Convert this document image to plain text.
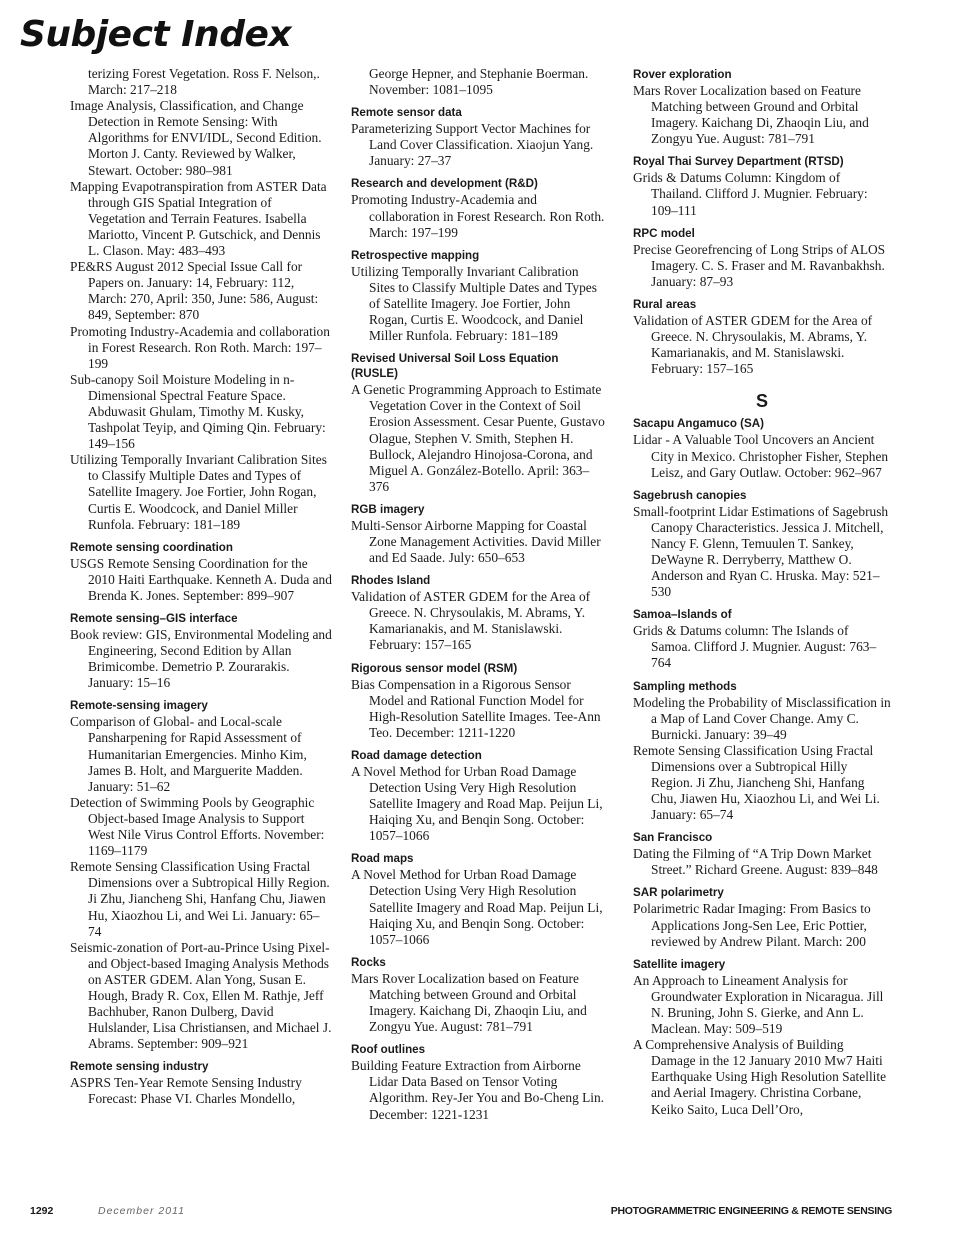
Subject Index

terizing Forest Vegetation. Ross F. Nelson,. March: 217–218

Image Analysis, Classification, and Change Detection in Remote Sensing: With Algorithms for ENVI/IDL, Second Edition. Morton J. Canty. Reviewed by Walker, Stewart. October: 980–981

Mapping Evapotranspiration from ASTER Data through GIS Spatial Integration of Vegetation and Terrain Features. Isabella Mariotto, Vincent P. Gutschick, and Dennis L. Clason. May: 483–493

PE&RS August 2012 Special Issue Call for Papers on. January: 14, February: 112, March: 270, April: 350, June: 586, August: 849, September: 870

Promoting Industry-Academia and collaboration in Forest Research. Ron Roth. March: 197–199

Sub-canopy Soil Moisture Modeling in n-Dimensional Spectral Feature Space. Abduwasit Ghulam, Timothy M. Kusky, Tashpolat Teyip, and Qiming Qin. February: 149–156

Utilizing Temporally Invariant Calibration Sites to Classify Multiple Dates and Types of Satellite Imagery. Joe Fortier, John Rogan, Curtis E. Woodcock, and Daniel Miller Runfola. February: 181–189

Remote sensing coordination

USGS Remote Sensing Coordination for the 2010 Haiti Earthquake. Kenneth A. Duda and Brenda K. Jones. September: 899–907

Remote sensing–GIS interface

Book review: GIS, Environmental Modeling and Engineering, Second Edition by Allan Brimicombe. Demetrio P. Zourarakis. January: 15–16

Remote-sensing imagery

Comparison of Global- and Local-scale Pansharpening for Rapid Assessment of Humanitarian Emergencies. Minho Kim, James B. Holt, and Marguerite Madden. January: 51–62

Detection of Swimming Pools by Geographic Object-based Image Analysis to Support West Nile Virus Control Efforts. November: 1169–1179

Remote Sensing Classification Using Fractal Dimensions over a Subtropical Hilly Region. Ji Zhu, Jiancheng Shi, Hanfang Chu, Jiawen Hu, Xiaozhou Li, and Wei Li. January: 65–74

Seismic-zonation of Port-au-Prince Using Pixel- and Object-based Imaging Analysis Methods on ASTER GDEM. Alan Yong, Susan E. Hough, Brady R. Cox, Ellen M. Rathje, Jeff Bachhuber, Ranon Dulberg, David Hulslander, Lisa Christiansen, and Michael J. Abrams. September: 909–921

Remote sensing industry

ASPRS Ten-Year Remote Sensing Industry Forecast: Phase VI. Charles Mondello,

George Hepner, and Stephanie Boerman. November: 1081–1095

Remote sensor data

Parameterizing Support Vector Machines for Land Cover Classification. Xiaojun Yang. January: 27–37

Research and development (R&D)

Promoting Industry-Academia and collaboration in Forest Research. Ron Roth. March: 197–199

Retrospective mapping

Utilizing Temporally Invariant Calibration Sites to Classify Multiple Dates and Types of Satellite Imagery. Joe Fortier, John Rogan, Curtis E. Woodcock, and Daniel Miller Runfola. February: 181–189

Revised Universal Soil Loss Equation (RUSLE)

A Genetic Programming Approach to Estimate Vegetation Cover in the Context of Soil Erosion Assessment. Cesar Puente, Gustavo Olague, Stephen V. Smith, Stephen H. Bullock, Alejandro Hinojosa-Corona, and Miguel A. González-Botello. April: 363–376

RGB imagery

Multi-Sensor Airborne Mapping for Coastal Zone Management Activities. David Miller and Ed Saade. July: 650–653

Rhodes Island

Validation of ASTER GDEM for the Area of Greece. N. Chrysoulakis, M. Abrams, Y. Kamarianakis, and M. Stanislawski. February: 157–165

Rigorous sensor model (RSM)

Bias Compensation in a Rigorous Sensor Model and Rational Function Model for High-Resolution Satellite Images. Tee-Ann Teo. December: 1211-1220

Road damage detection

A Novel Method for Urban Road Damage Detection Using Very High Resolution Satellite Imagery and Road Map. Peijun Li, Haiqing Xu, and Benqin Song. October: 1057–1066

Road maps

A Novel Method for Urban Road Damage Detection Using Very High Resolution Satellite Imagery and Road Map. Peijun Li, Haiqing Xu, and Benqin Song. October: 1057–1066

Rocks

Mars Rover Localization based on Feature Matching between Ground and Orbital Imagery. Kaichang Di, Zhaoqin Liu, and Zongyu Yue. August: 781–791

Roof outlines

Building Feature Extraction from Airborne Lidar Data Based on Tensor Voting Algorithm. Rey-Jer You and Bo-Cheng Lin. December: 1221-1231

Rover exploration

Mars Rover Localization based on Feature Matching between Ground and Orbital Imagery. Kaichang Di, Zhaoqin Liu, and Zongyu Yue. August: 781–791

Royal Thai Survey Department (RTSD)

Grids & Datums Column: Kingdom of Thailand. Clifford J. Mugnier. February: 109–111

RPC model

Precise Georefrencing of Long Strips of ALOS Imagery. C. S. Fraser and M. Ravanbakhsh. January: 87–93

Rural areas

Validation of ASTER GDEM for the Area of Greece. N. Chrysoulakis, M. Abrams, Y. Kamarianakis, and M. Stanislawski. February: 157–165

S
Sacapu Angamuco (SA)

Lidar - A Valuable Tool Uncovers an Ancient City in Mexico. Christopher Fisher, Stephen Leisz, and Gary Outlaw. October: 962–967

Sagebrush canopies

Small-footprint Lidar Estimations of Sagebrush Canopy Characteristics. Jessica J. Mitchell, Nancy F. Glenn, Temuulen T. Sankey, DeWayne R. Derryberry, Matthew O. Anderson and Ryan C. Hruska. May: 521–530

Samoa–Islands of

Grids & Datums column: The Islands of Samoa. Clifford J. Mugnier. August: 763–764

Sampling methods

Modeling the Probability of Misclassification in a Map of Land Cover Change. Amy C. Burnicki. January: 39–49

Remote Sensing Classification Using Fractal Dimensions over a Subtropical Hilly Region. Ji Zhu, Jiancheng Shi, Hanfang Chu, Jiawen Hu, Xiaozhou Li, and Wei Li. January: 65–74

San Francisco

Dating the Filming of “A Trip Down Market Street.” Richard Greene. August: 839–848

SAR polarimetry

Polarimetric Radar Imaging: From Basics to Applications Jong-Sen Lee, Eric Pottier, reviewed by Andrew Pilant. March: 200

Satellite imagery

An Approach to Lineament Analysis for Groundwater Exploration in Nicaragua. Jill N. Bruning, John S. Gierke, and Ann L. Maclean. May: 509–519

A Comprehensive Analysis of Building Damage in the 12 January 2010 Mw7 Haiti Earthquake Using High Resolution Satellite and Aerial Imagery. Christina Corbane, Keiko Saito, Luca Dell’Oro,

1292	December 2011	PHOTOGRAMMETRIC ENGINEERING & REMOTE SENSING
